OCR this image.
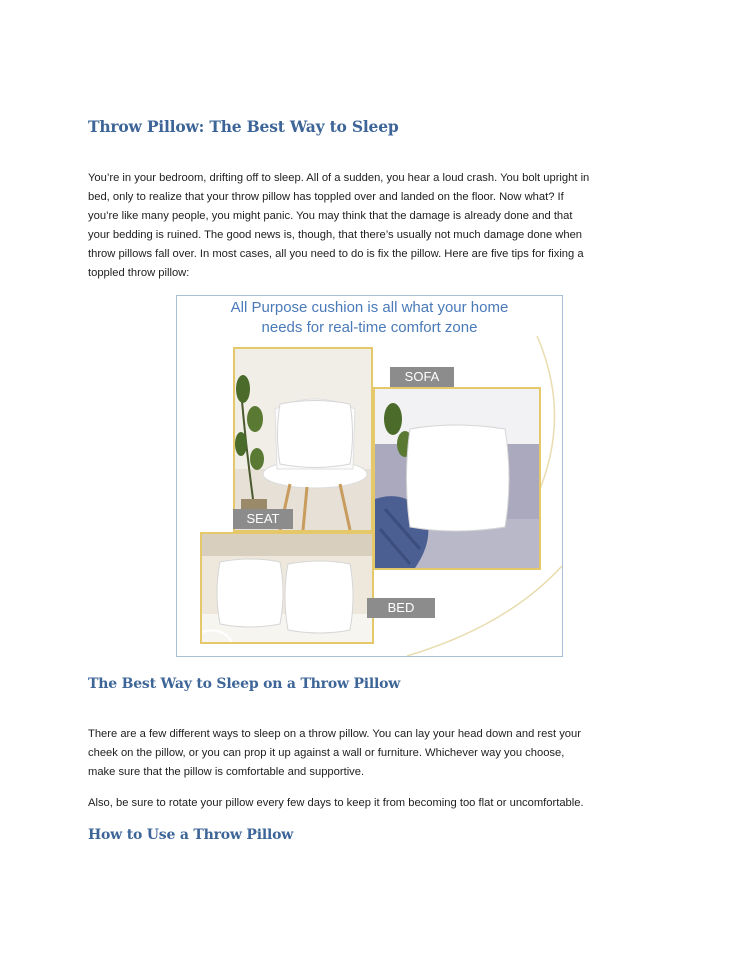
Throw Pillow: The Best Way to Sleep

You’re in your bedroom, drifting off to sleep. All of a sudden, you hear a loud crash. You bolt upright in
bed, only to realize that your throw pillow has toppled over and landed on the floor. Now what? If
you’re like many people, you might panic. You may think that the damage is already done and that
your bedding is ruined. The good news is, though, that there’s usually not much damage done when
throw pillows fall over. In most cases, all you need to do is fix the pillow. Here are five tips for fixing a
toppled throw pillow:

All Purpose cushion is all what your home
needs for real-time comfort zone
SEAT
SOFA
BED
The Best Way to Sleep on a Throw Pillow

There are a few different ways to sleep on a throw pillow. You can lay your head down and rest your
cheek on the pillow, or you can prop it up against a wall or furniture. Whichever way you choose,
make sure that the pillow is comfortable and supportive.

Also, be sure to rotate your pillow every few days to keep it from becoming too flat or uncomfortable.

How to Use a Throw Pillow
